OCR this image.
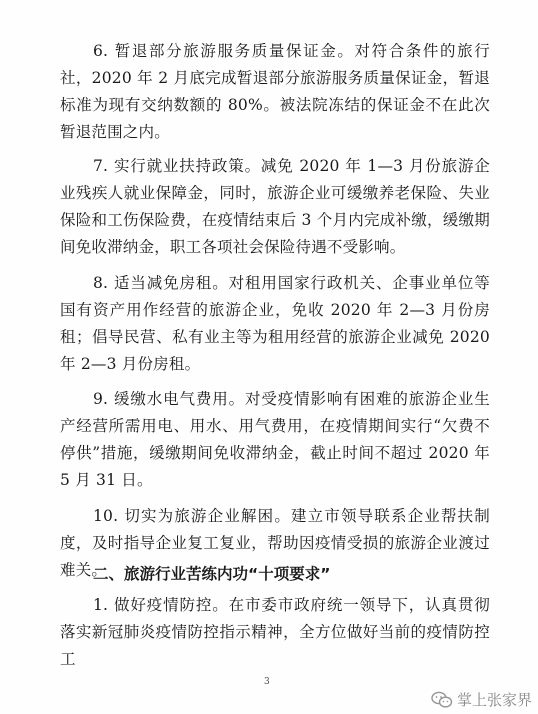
6. 暂退部分旅游服务质量保证金。对符合条件的旅行社，2020 年 2 月底完成暂退部分旅游服务质量保证金，暂退标准为现有交纳数额的 80%。被法院冻结的保证金不在此次暂退范围之内。

7. 实行就业扶持政策。减免 2020 年 1—3 月份旅游企业残疾人就业保障金，同时，旅游企业可缓缴养老保险、失业保险和工伤保险费，在疫情结束后 3 个月内完成补缴，缓缴期间免收滞纳金，职工各项社会保险待遇不受影响。

8. 适当减免房租。对租用国家行政机关、企事业单位等国有资产用作经营的旅游企业，免收 2020 年 2—3 月份房租；倡导民营、私有业主等为租用经营的旅游企业减免 2020 年 2—3 月份房租。

9. 缓缴水电气费用。对受疫情影响有困难的旅游企业生产经营所需用电、用水、用气费用，在疫情期间实行“欠费不停供”措施，缓缴期间免收滞纳金，截止时间不超过 2020 年 5 月 31 日。

10. 切实为旅游企业解困。建立市领导联系企业帮扶制度，及时指导企业复工复业，帮助因疫情受损的旅游企业渡过难关。

二、旅游行业苦练内功“十项要求”

1. 做好疫情防控。在市委市政府统一领导下，认真贯彻落实新冠肺炎疫情防控指示精神，全方位做好当前的疫情防控工

3
掌上张家界
